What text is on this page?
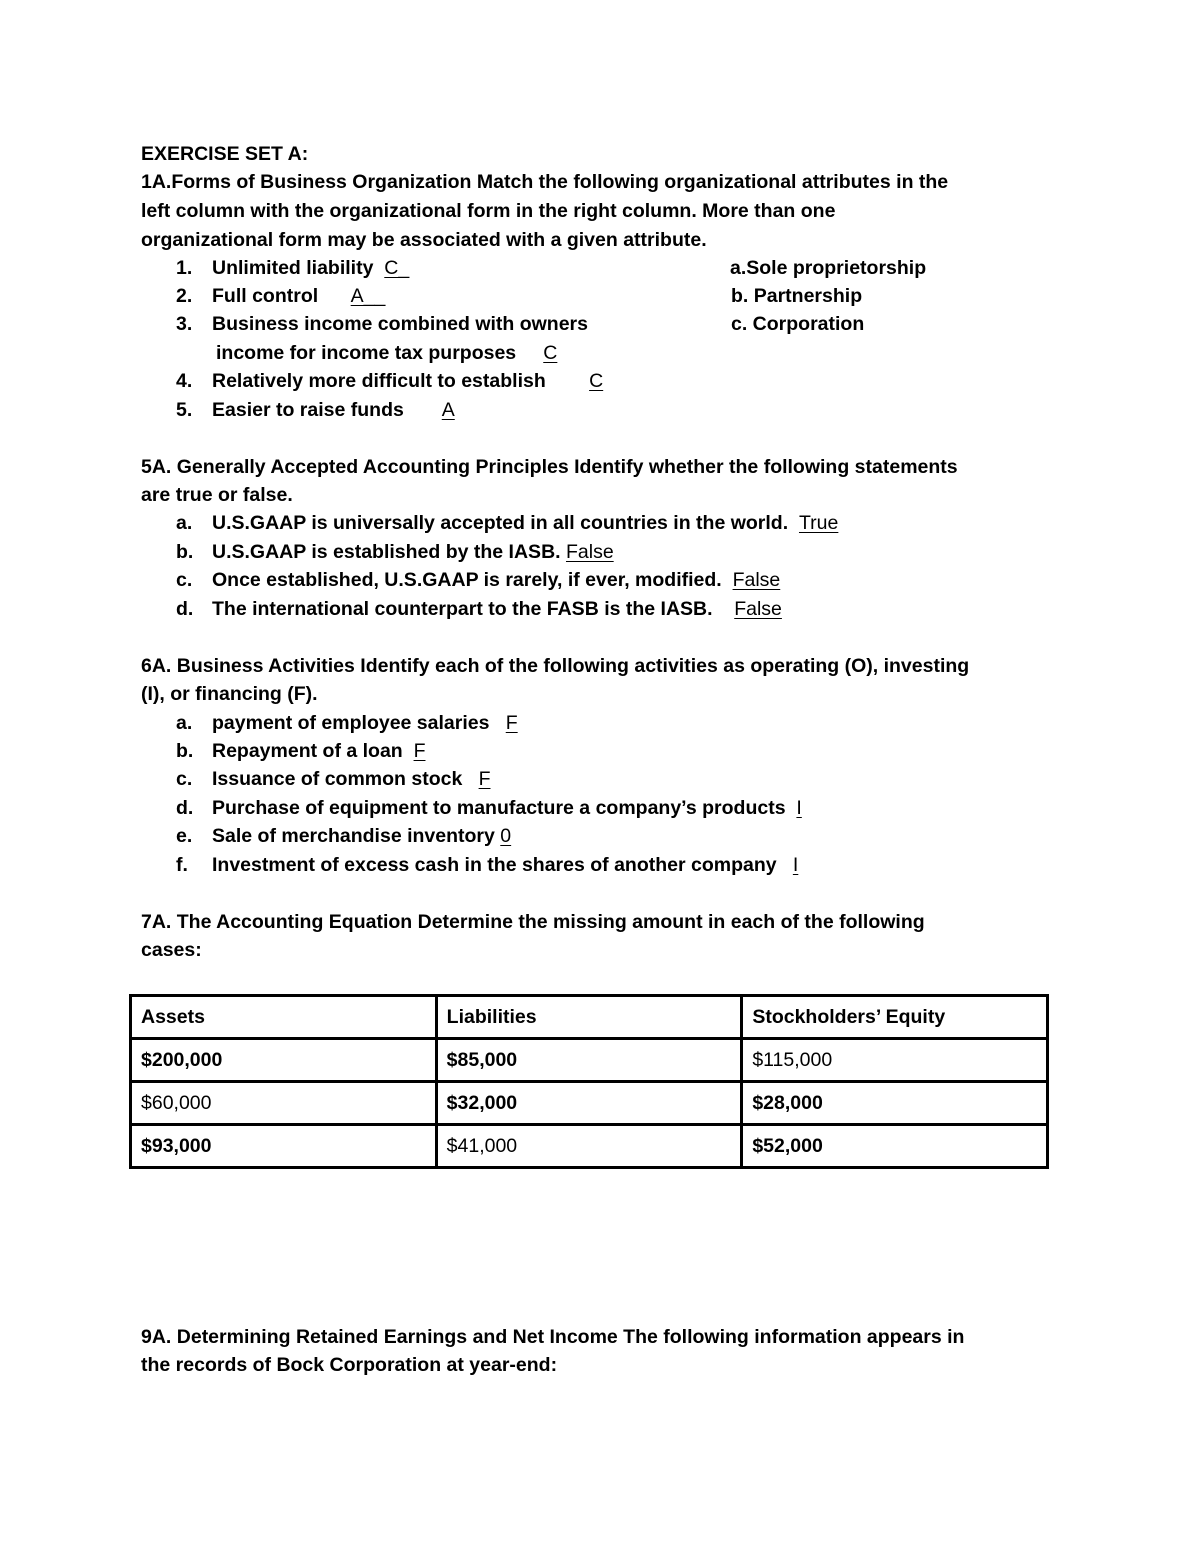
EXERCISE SET A:
1A.Forms of Business Organization Match the following organizational attributes in the
left column with the organizational form in the right column. More than one
organizational form may be associated with a given attribute.
1. Unlimited liability C_
2. Full control A__
3. Business income combined with owners
income for income tax purposes C
4. Relatively more difficult to establish C
5. Easier to raise funds A
a.Sole proprietorship
b. Partnership
c. Corporation
5A. Generally Accepted Accounting Principles Identify whether the following statements
are true or false.
a. U.S.GAAP is universally accepted in all countries in the world. True
b. U.S.GAAP is established by the IASB. False
c. Once established, U.S.GAAP is rarely, if ever, modified. False
d. The international counterpart to the FASB is the IASB. False
6A. Business Activities Identify each of the following activities as operating (O), investing
(I), or financing (F).
a. payment of employee salaries F
b. Repayment of a loan F
c. Issuance of common stock F
d. Purchase of equipment to manufacture a company’s products I
e. Sale of merchandise inventory 0
f. Investment of excess cash in the shares of another company I
7A. The Accounting Equation Determine the missing amount in each of the following
cases:
Assets	Liabilities	Stockholders’ Equity
$200,000	$85,000	$115,000
$60,000	$32,000	$28,000
$93,000	$41,000	$52,000
9A. Determining Retained Earnings and Net Income The following information appears in
the records of Bock Corporation at year-end:
